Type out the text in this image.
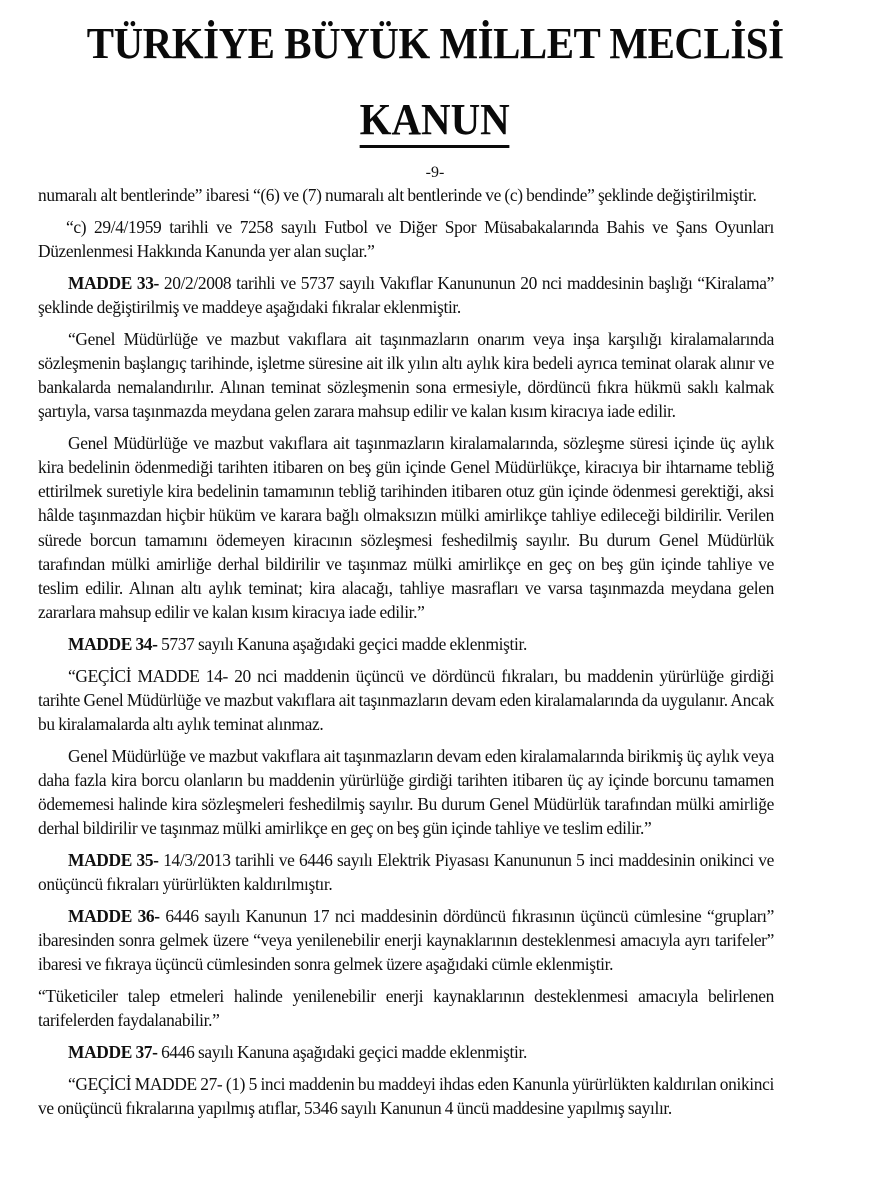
TÜRKİYE BÜYÜK MİLLET MECLİSİ
KANUN
-9-

numaralı alt bentlerinde” ibaresi “(6) ve (7) numaralı alt bentlerinde ve (c) bendinde” şeklinde değiştirilmiştir.

“c) 29/4/1959 tarihli ve 7258 sayılı Futbol ve Diğer Spor Müsabakalarında Bahis ve Şans Oyunları Düzenlenmesi Hakkında Kanunda yer alan suçlar.”

MADDE 33- 20/2/2008 tarihli ve 5737 sayılı Vakıflar Kanununun 20 nci maddesinin başlığı “Kiralama” şeklinde değiştirilmiş ve maddeye aşağıdaki fıkralar eklenmiştir.

“Genel Müdürlüğe ve mazbut vakıflara ait taşınmazların onarım veya inşa karşılığı kiralamalarında sözleşmenin başlangıç tarihinde, işletme süresine ait ilk yılın altı aylık kira bedeli ayrıca teminat olarak alınır ve bankalarda nemalandırılır. Alınan teminat sözleşmenin sona ermesiyle, dördüncü fıkra hükmü saklı kalmak şartıyla, varsa taşınmazda meydana gelen zarara mahsup edilir ve kalan kısım kiracıya iade edilir.

Genel Müdürlüğe ve mazbut vakıflara ait taşınmazların kiralamalarında, sözleşme süresi içinde üç aylık kira bedelinin ödenmediği tarihten itibaren on beş gün içinde Genel Müdürlükçe, kiracıya bir ihtarname tebliğ ettirilmek suretiyle kira bedelinin tamamının tebliğ tarihinden itibaren otuz gün içinde ödenmesi gerektiği, aksi hâlde taşınmazdan hiçbir hüküm ve karara bağlı olmaksızın mülki amirlikçe tahliye edileceği bildirilir. Verilen sürede borcun tamamını ödemeyen kiracının sözleşmesi feshedilmiş sayılır. Bu durum Genel Müdürlük tarafından mülki amirliğe derhal bildirilir ve taşınmaz mülki amirlikçe en geç on beş gün içinde tahliye ve teslim edilir. Alınan altı aylık teminat; kira alacağı, tahliye masrafları ve varsa taşınmazda meydana gelen zararlara mahsup edilir ve kalan kısım kiracıya iade edilir.”

MADDE 34- 5737 sayılı Kanuna aşağıdaki geçici madde eklenmiştir.

“GEÇİCİ MADDE 14- 20 nci maddenin üçüncü ve dördüncü fıkraları, bu maddenin yürürlüğe girdiği tarihte Genel Müdürlüğe ve mazbut vakıflara ait taşınmazların devam eden kiralamalarında da uygulanır. Ancak bu kiralamalarda altı aylık teminat alınmaz.

Genel Müdürlüğe ve mazbut vakıflara ait taşınmazların devam eden kiralamalarında birikmiş üç aylık veya daha fazla kira borcu olanların bu maddenin yürürlüğe girdiği tarihten itibaren üç ay içinde borcunu tamamen ödememesi halinde kira sözleşmeleri feshedilmiş sayılır. Bu durum Genel Müdürlük tarafından mülki amirliğe derhal bildirilir ve taşınmaz mülki amirlikçe en geç on beş gün içinde tahliye ve teslim edilir.”

MADDE 35- 14/3/2013 tarihli ve 6446 sayılı Elektrik Piyasası Kanununun 5 inci maddesinin onikinci ve onüçüncü fıkraları yürürlükten kaldırılmıştır.

MADDE 36- 6446 sayılı Kanunun 17 nci maddesinin dördüncü fıkrasının üçüncü cümlesine “grupları” ibaresinden sonra gelmek üzere “veya yenilenebilir enerji kaynaklarının desteklenmesi amacıyla ayrı tarifeler” ibaresi ve fıkraya üçüncü cümlesinden sonra gelmek üzere aşağıdaki cümle eklenmiştir.

“Tüketiciler talep etmeleri halinde yenilenebilir enerji kaynaklarının desteklenmesi amacıyla belirlenen tarifelerden faydalanabilir.”

MADDE 37- 6446 sayılı Kanuna aşağıdaki geçici madde eklenmiştir.

“GEÇİCİ MADDE 27- (1) 5 inci maddenin bu maddeyi ihdas eden Kanunla yürürlükten kaldırılan onikinci ve onüçüncü fıkralarına yapılmış atıflar, 5346 sayılı Kanunun 4 üncü maddesine yapılmış sayılır.
